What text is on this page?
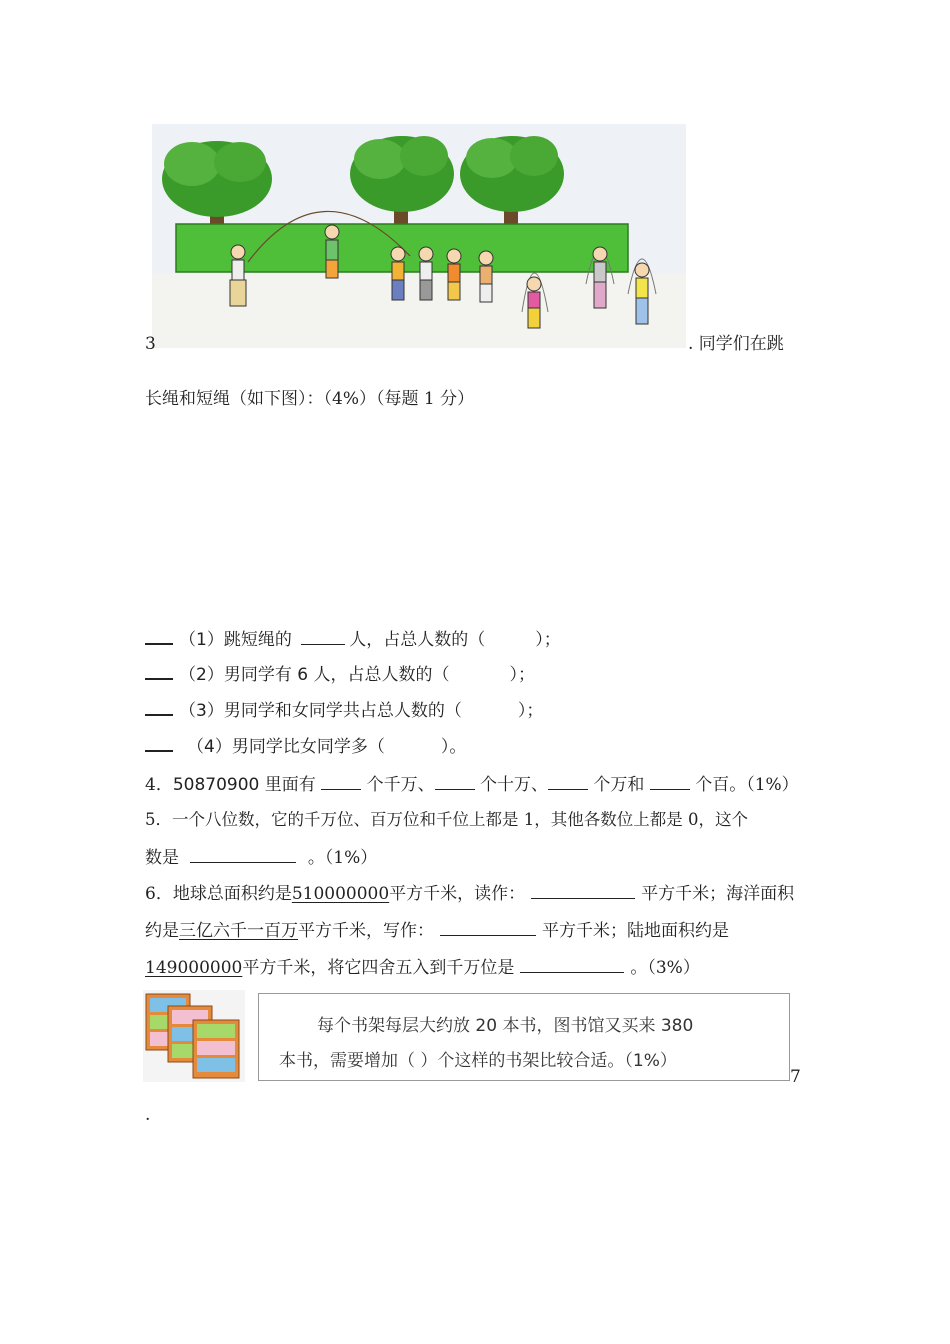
3	. 同学们在跳
长绳和短绳（如下图）：（4%）（每题 1 分）
（1）跳短绳的	人，占总人数的（	）；
（2）男同学有 6 人，占总人数的（	）；
（3）男同学和女同学共占总人数的（	）；
（4）男同学比女同学多（	）。
4．50870900 里面有	个千万、	个十万、	个万和	个百。（1%）
5．一个八位数，它的千万位、百万位和千位上都是 1，其他各数位上都是 0，这个
数是	。（1%）
6．地球总面积约是510000000平方千米，读作：	平方千米；海洋面积
约是三亿六千一百万平方千米，写作：	平方千米；陆地面积约是
149000000平方千米，将它四舍五入到千万位是	。（3%）
每个书架每层大约放 20 本书，图书馆又买来 380
本书，需要增加（ ）个这样的书架比较合适。（1%）
7
.
